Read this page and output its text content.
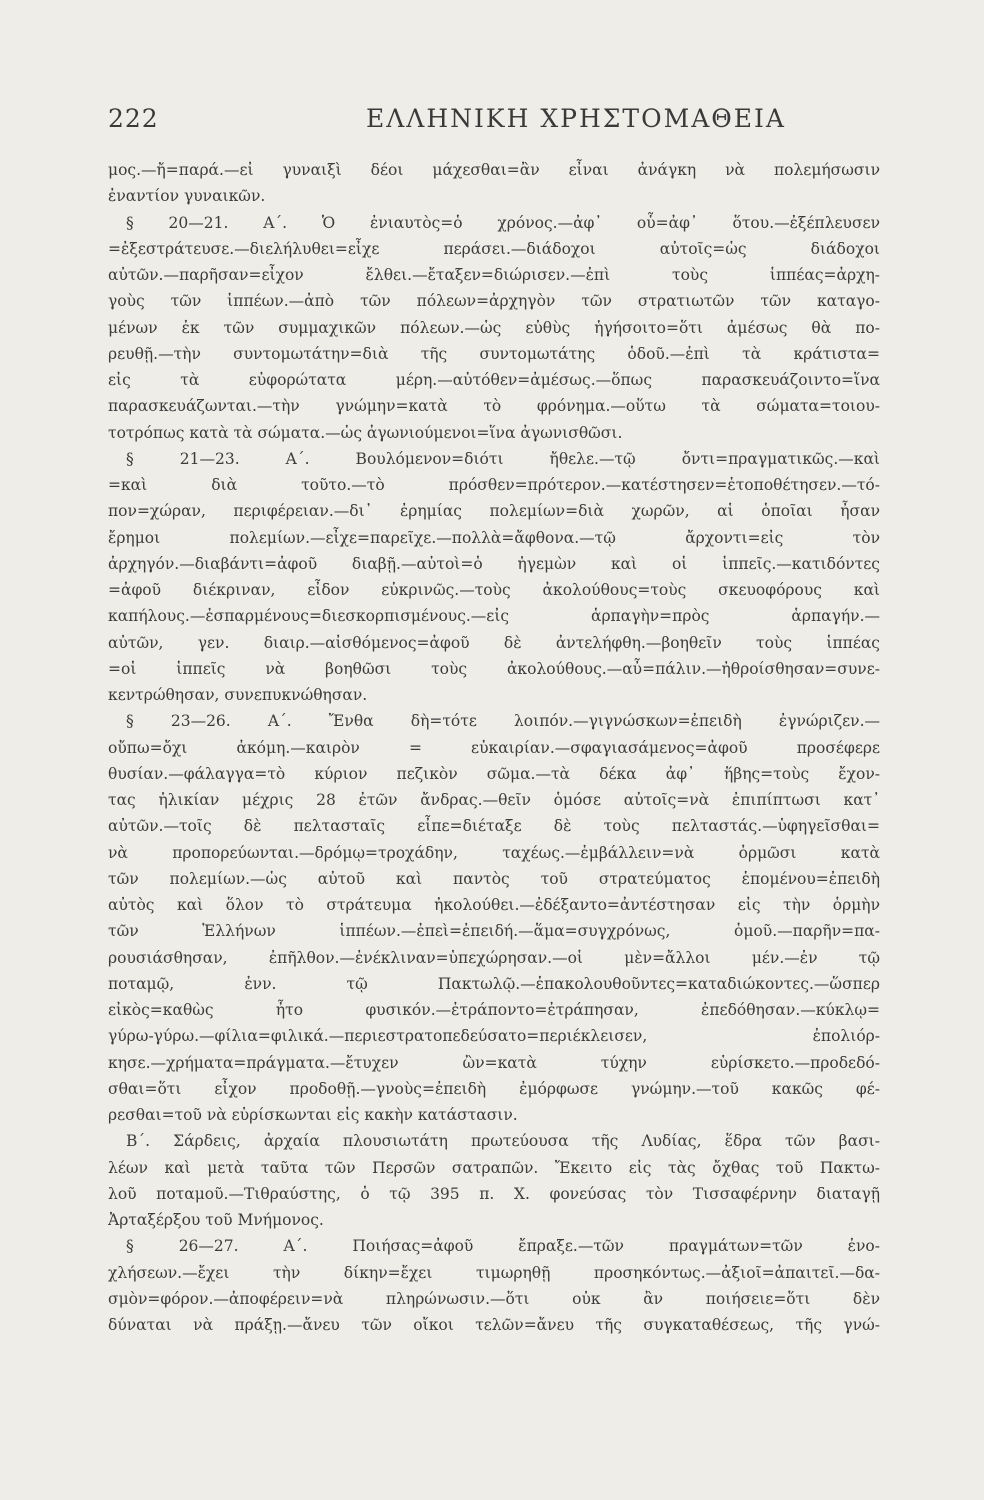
222	ΕΛΛΗΝΙΚΗ ΧΡΗΣΤΟΜΑΘΕΙΑ
μος.—ἤ=παρά.—εἰ γυναιξὶ δέοι μάχεσθαι=ἂν εἶναι ἀνάγκη νὰ πολεμήσωσιν
ἐναντίον γυναικῶν.
§ 20—21. Α΄. Ὁ ἐνιαυτὸς=ὁ χρόνος.—ἀφ᾽ οὗ=ἀφ᾽ ὅτου.—ἐξέπλευσεν
=ἐξεστράτευσε.—διελήλυθει=εἶχε περάσει.—διάδοχοι αὐτοῖς=ὡς διάδοχοι
αὐτῶν.—παρῆσαν=εἶχον ἔλθει.—ἔταξεν=διώρισεν.—ἐπὶ τοὺς ἱππέας=ἀρχη-
γοὺς τῶν ἱππέων.—ἀπὸ τῶν πόλεων=ἀρχηγὸν τῶν στρατιωτῶν τῶν καταγο-
μένων ἐκ τῶν συμμαχικῶν πόλεων.—ὡς εὐθὺς ἡγήσοιτο=ὅτι ἀμέσως θὰ πο-
ρευθῇ.—τὴν συντομωτάτην=διὰ τῆς συντομωτάτης ὁδοῦ.—ἐπὶ τὰ κράτιστα=
εἰς τὰ εὐφορώτατα μέρη.—αὐτόθεν=ἀμέσως.—ὅπως παρασκευάζοιντο=ἵνα
παρασκευάζωνται.—τὴν γνώμην=κατὰ τὸ φρόνημα.—οὕτω τὰ σώματα=τοιου-
τοτρόπως κατὰ τὰ σώματα.—ὡς ἀγωνιούμενοι=ἵνα ἀγωνισθῶσι.
§ 21—23. Α΄. Βουλόμενον=διότι ἤθελε.—τῷ ὄντι=πραγματικῶς.—καὶ
=καὶ διὰ τοῦτο.—τὸ πρόσθεν=πρότερον.—κατέστησεν=ἐτοποθέτησεν.—τό-
πον=χώραν, περιφέρειαν.—δι᾽ ἐρημίας πολεμίων=διὰ χωρῶν, αἱ ὁποῖαι ἦσαν
ἔρημοι πολεμίων.—εἶχε=παρεῖχε.—πολλὰ=ἄφθονα.—τῷ ἄρχοντι=εἰς τὸν
ἀρχηγόν.—διαβάντι=ἀφοῦ διαβῇ.—αὐτοὶ=ὁ ἡγεμὼν καὶ οἱ ἱππεῖς.—κατιδόντες
=ἀφοῦ διέκριναν, εἶδον εὐκρινῶς.—τοὺς ἀκολούθους=τοὺς σκευοφόρους καὶ
καπήλους.—ἐσπαρμένους=διεσκορπισμένους.—εἰς ἁρπαγὴν=πρὸς ἁρπαγήν.—
αὐτῶν, γεν. διαιρ.—αἰσθόμενος=ἀφοῦ δὲ ἀντελήφθη.—βοηθεῖν τοὺς ἱππέας
=οἱ ἱππεῖς νὰ βοηθῶσι τοὺς ἀκολούθους.—αὖ=πάλιν.—ἠθροίσθησαν=συνε-
κεντρώθησαν, συνεπυκνώθησαν.
§ 23—26. Α΄. Ἔνθα δὴ=τότε λοιπόν.—γιγνώσκων=ἐπειδὴ ἐγνώριζεν.—
οὔπω=ὄχι ἀκόμη.—καιρὸν = εὐκαιρίαν.—σφαγιασάμενος=ἀφοῦ προσέφερε
θυσίαν.—φάλαγγα=τὸ κύριον πεζικὸν σῶμα.—τὰ δέκα ἀφ᾽ ἥβης=τοὺς ἔχον-
τας ἡλικίαν μέχρις 28 ἐτῶν ἄνδρας.—θεῖν ὁμόσε αὐτοῖς=νὰ ἐπιπίπτωσι κατ᾽
αὐτῶν.—τοῖς δὲ πελτασταῖς εἶπε=διέταξε δὲ τοὺς πελταστάς.—ὑφηγεῖσθαι=
νὰ προπορεύωνται.—δρόμῳ=τροχάδην, ταχέως.—ἐμβάλλειν=νὰ ὁρμῶσι κατὰ
τῶν πολεμίων.—ὡς αὐτοῦ καὶ παντὸς τοῦ στρατεύματος ἑπομένου=ἐπειδὴ
αὐτὸς καὶ ὅλον τὸ στράτευμα ἠκολούθει.—ἐδέξαντο=ἀντέστησαν εἰς τὴν ὁρμὴν
τῶν Ἑλλήνων ἱππέων.—ἐπεὶ=ἐπειδή.—ἅμα=συγχρόνως, ὁμοῦ.—παρῆν=πα-
ρουσιάσθησαν, ἐπῆλθον.—ἐνέκλιναν=ὑπεχώρησαν.—οἱ μὲν=ἄλλοι μέν.—ἐν τῷ
ποταμῷ, ἐνν. τῷ Πακτωλῷ.—ἐπακολουθοῦντες=καταδιώκοντες.—ὥσπερ
εἰκὸς=καθὼς ἦτο φυσικόν.—ἐτράποντο=ἐτράπησαν, ἐπεδόθησαν.—κύκλῳ=
γύρω-γύρω.—φίλια=φιλικά.—περιεστρατοπεδεύσατο=περιέκλεισεν, ἐπολιόρ-
κησε.—χρήματα=πράγματα.—ἔτυχεν ὢν=κατὰ τύχην εὑρίσκετο.—προδεδό-
σθαι=ὅτι εἶχον προδοθῇ.—γνοὺς=ἐπειδὴ ἐμόρφωσε γνώμην.—τοῦ κακῶς φέ-
ρεσθαι=τοῦ νὰ εὑρίσκωνται εἰς κακὴν κατάστασιν.
Β΄. Σάρδεις, ἀρχαία πλουσιωτάτη πρωτεύουσα τῆς Λυδίας, ἕδρα τῶν βασι-
λέων καὶ μετὰ ταῦτα τῶν Περσῶν σατραπῶν. Ἔκειτο εἰς τὰς ὄχθας τοῦ Πακτω-
λοῦ ποταμοῦ.—Τιθραύστης, ὁ τῷ 395 π. Χ. φονεύσας τὸν Τισσαφέρνην διαταγῇ
Ἀρταξέρξου τοῦ Μνήμονος.
§ 26—27. Α΄. Ποιήσας=ἀφοῦ ἔπραξε.—τῶν πραγμάτων=τῶν ἐνο-
χλήσεων.—ἔχει τὴν δίκην=ἔχει τιμωρηθῇ προσηκόντως.—ἀξιοῖ=ἀπαιτεῖ.—δα-
σμὸν=φόρον.—ἀποφέρειν=νὰ πληρώνωσιν.—ὅτι οὐκ ἂν ποιήσειε=ὅτι δὲν
δύναται νὰ πράξῃ.—ἄνευ τῶν οἴκοι τελῶν=ἄνευ τῆς συγκαταθέσεως, τῆς γνώ-
